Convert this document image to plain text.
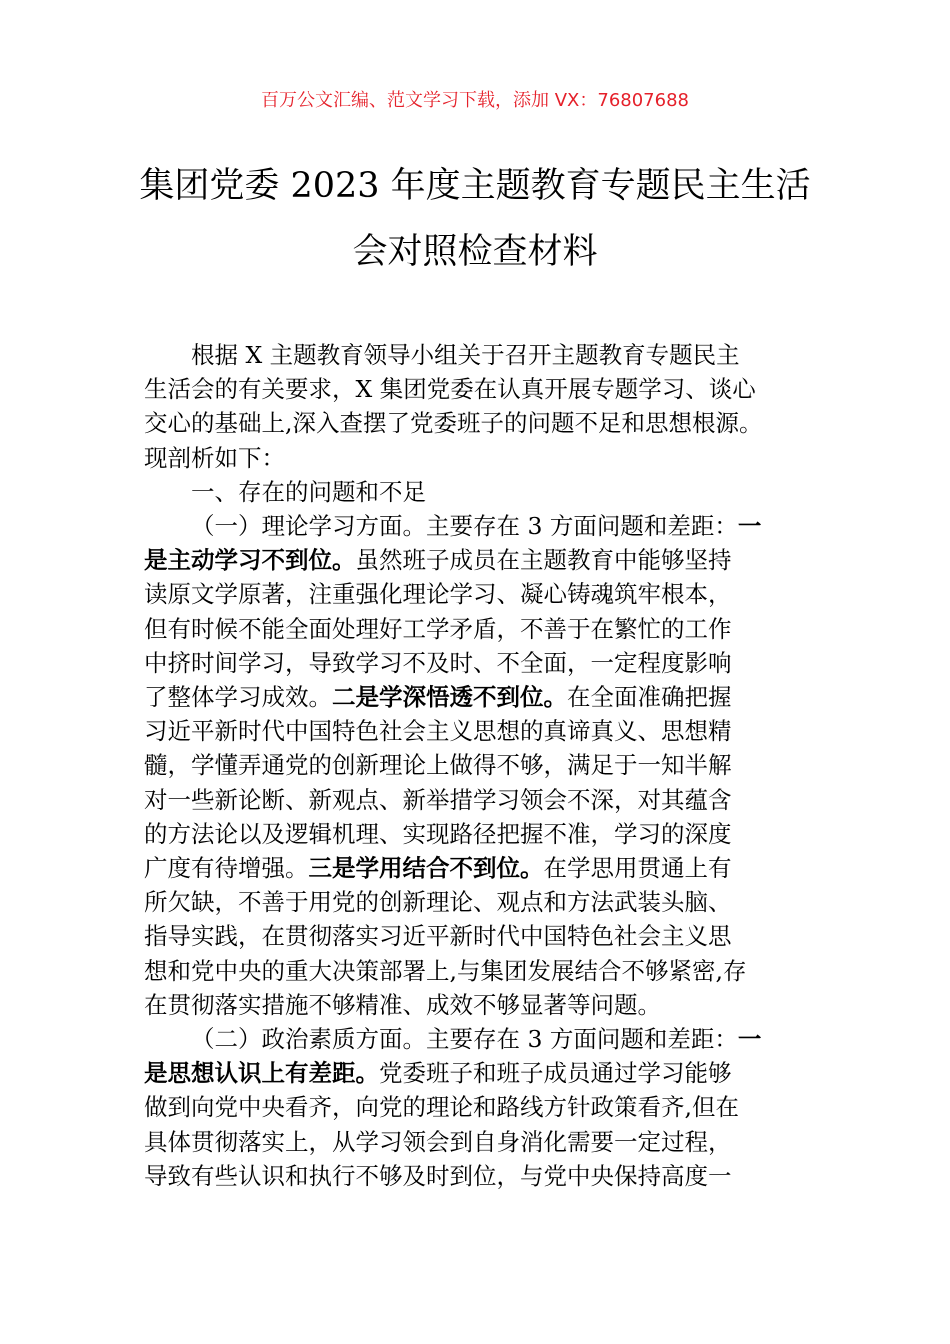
百万公文汇编、范文学习下载，添加 VX：76807688
集团党委 2023 年度主题教育专题民主生活
会对照检查材料

根据 X 主题教育领导小组关于召开主题教育专题民主

生活会的有关要求，X 集团党委在认真开展专题学习、谈心

交心的基础上,深入查摆了党委班子的问题不足和思想根源。

现剖析如下：

一、存在的问题和不足

（一）理论学习方面。主要存在 3 方面问题和差距：一

是主动学习不到位。虽然班子成员在主题教育中能够坚持

读原文学原著，注重强化理论学习、凝心铸魂筑牢根本，

但有时候不能全面处理好工学矛盾，不善于在繁忙的工作

中挤时间学习，导致学习不及时、不全面，一定程度影响

了整体学习成效。二是学深悟透不到位。在全面准确把握

习近平新时代中国特色社会主义思想的真谛真义、思想精

髓，学懂弄通党的创新理论上做得不够，满足于一知半解

对一些新论断、新观点、新举措学习领会不深，对其蕴含

的方法论以及逻辑机理、实现路径把握不准，学习的深度

广度有待增强。三是学用结合不到位。在学思用贯通上有

所欠缺，不善于用党的创新理论、观点和方法武装头脑、

指导实践，在贯彻落实习近平新时代中国特色社会主义思

想和党中央的重大决策部署上,与集团发展结合不够紧密,存

在贯彻落实措施不够精准、成效不够显著等问题。

（二）政治素质方面。主要存在 3 方面问题和差距：一

是思想认识上有差距。党委班子和班子成员通过学习能够

做到向党中央看齐，向党的理论和路线方针政策看齐,但在

具体贯彻落实上，从学习领会到自身消化需要一定过程，

导致有些认识和执行不够及时到位，与党中央保持高度一
